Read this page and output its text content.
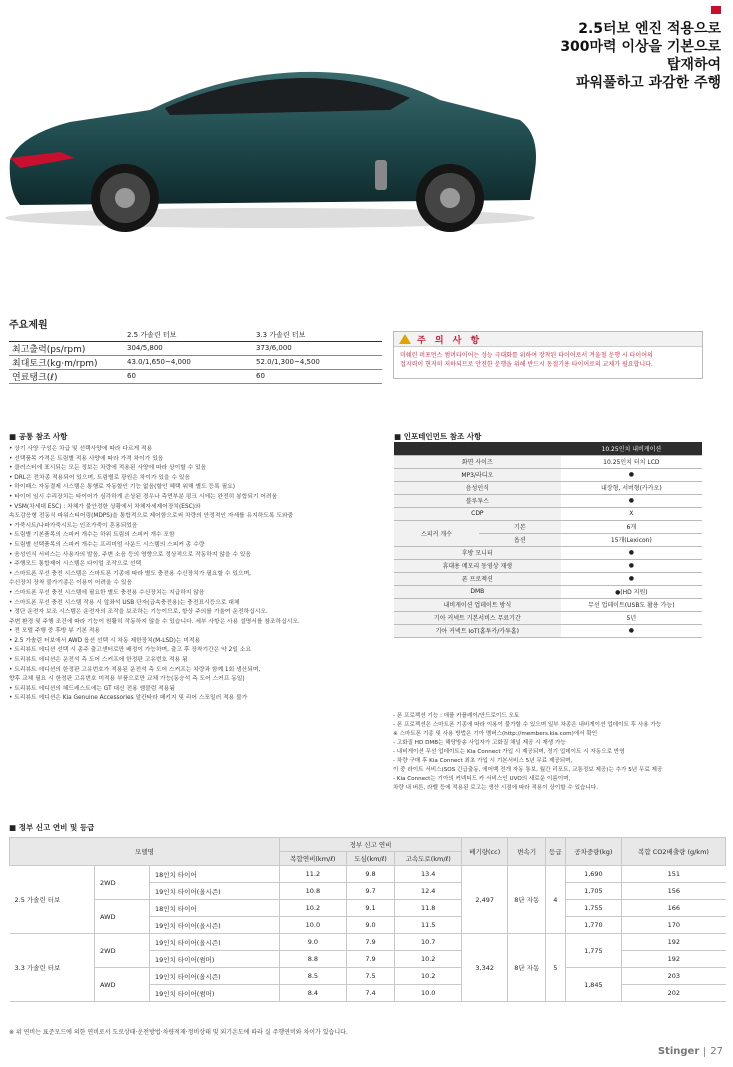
2.5터보 엔진 적용으로
300마력 이상을 기본으로
탑재하여
파워풀하고 과감한 주행
주요제원
	2.5 가솔린 터보	3.3 가솔린 터보
최고출력(ps/rpm)	304/5,800	373/6,000
최대토크(kg·m/rpm)	43.0/1,650~4,000	52.0/1,300~4,500
연료탱크(ℓ)	60	60
주 의 사 항
미쉐린 퍼포먼스 썸머타이어는 성능 극대화를 위하여 장착된 타이어로서 겨울철 운행 시 타이어의
접지력이 현저히 저하되므로 안전한 운행을 위해 반드시 동절기용 타이어로의 교체가 필요합니다.
■ 공통 참조 사항
• 상기 사양 구성은 차급 및 선택사양에 따라 다르게 적용
• 선택품목 가격은 트림별 적용 사양에 따라 가격 차이가 있음
• 클러스터에 표시되는 모든 정보는 차량에 적용된 사양에 따라 상이할 수 있음
• DRL은 전차종 적용되어 있으며, 트림별로 광원은 차이가 있을 수 있음
• 하이패스 자동결제 시스템은 통행료 자동할인 기능 없음(할인 혜택 위해 별도 등록 필요)
• 타이어 임시 수리장치는 타이어가 심각하게 손상된 경우나 측면부분 펑크 시에는 완전히 봉합되기 어려움
• VSM(차세대 ESC) : 차체가 불안정한 상황에서 차체자세제어장치(ESC)와
속도감응형 전동식 파워스티어링(MDPS)을 통합적으로 제어함으로써 차량의 안정적인 자세를 유지하도록 도와줌
• 가죽시트/나파가죽시트는 인조가죽이 혼용되었음
• 트림별 기본품목의 스피커 개수는 하위 트림의 스피커 개수 포함
• 트림별 선택품목의 스피커 개수는 프리미엄 사운드 시스템의 스피커 총 수량
• 음성인식 서비스는 사용자의 발음, 주변 소음 등의 영향으로 정상적으로 작동하지 않을 수 있음
• 주행모드 통합제어 시스템은 다이얼 조작으로 선택
• 스마트폰 무선 충전 시스템은 스마트폰 기종에 따라 별도 충전용 수신장치가 필요할 수 있으며,
수신장치 장착 불가기종은 이용이 어려울 수 있음
• 스마트폰 무선 충전 시스템에 필요한 별도 충전용 수신장치는 지급하지 않음
• 스마트폰 무선 충전 시스템 작용 시 앞좌석 USB 단자(급속충전용)는 충전표시등으로 대체
• 정단 운전자 보조 시스템은 운전자의 조작을 보조하는 기능이므로, 항상 주의를 기울여 운전하십시오.
주변 환경 및 주행 조건에 따라 기능이 원활히 작동하지 않을 수 있습니다. 세부 사항은 사용 설명서를 참조하십시오.
• 전 모델 주행 중 후방 뷰 기본 적용
• 2.5 가솔린 터보에서 AWD 옵션 선택 시 차동 제한장치(M-LSD)는 미적용
• 트리뷰트 에디션 선택 시 총주 출고센터로만 배정이 가능하며, 출고 후 장착기간은 약 2일 소요
• 트리뷰트 에디션은 운전석 측 도어 스커프에 한정판 고유번호 적용 됨
• 트리뷰트 에디션의 한정판 고유번호가 적용된 운전석 측 도어 스커프는 차량과 함께 1회 생산되며,
향후 교체 필요 시 한정판 고유번호 미적용 부품으로만 교체 가능(동승석 측 도어 스커프 동일)
• 트리뷰트 에디션의 헤드레스트에는 GT 대신 전용 엠블럼 적용됨
• 트리뷰트 에디션은 Kia Genuine Accessories 알칸타라 패키지 및 리어 스포일러 적용 불가
■ 인포테인먼트 참조 사항
		10.25인치 내비게이션
화면 사이즈		10.25인치 터치 LCD
MP3/라디오		●
음성인식		내장형, 서버형(카카오)
블루투스		●
CDP		X
스피커 개수	기본	6개
	옵션	15개(Lexicon)
후방 모니터		●
휴대용 메모리 동영상 재생		●
폰 프로젝션		●
DMB		●(HD 지원)
내비게이션 업데이트 방식		무선 업데이트(USB도 활용 가능)
기아 커넥트 기본서비스 무료기간		5년
기아 커넥트 IoT(홈투카/카투홈)		●
- 폰 프로젝션 기능 : 애플 카플레이/안드로이드 오토
- 폰 프로젝션은 스마트폰 기종에 따라 이용이 불가할 수 있으며 일부 차종은 내비게이션 업데이트 후 사용 가능
※ 스마트폰 기종 및 사용 방법은 기아 멤버스(http://members.kia.com)에서 확인
- 고화질 HD DMB는 해당방송 사업자가 고화질 채널 제공 시 재생 가능
- 내비게이션 무선 업데이트는 Kia Connect 가입 시 제공되며, 정기 업데이트 시 자동으로 반영
- 차량 구매 후 Kia Connect 최초 가입 시 기본서비스 5년 무료 제공되며,
이 중 라이트 서비스(SOS 긴급출동, 에어백 전개 자동 통보, 월간 리포트, 교통정보 제공)는 추가 5년 무료 제공
- Kia Connect는 기아의 커넥티드 카 서비스인 UVO의 새로운 이름이며,
차량 내 버튼, 라벨 등에 적용된 로고는 생산 시점에 따라 적용이 상이할 수 있습니다.
■ 정부 신고 연비 및 등급
모델명			정부 신고 연비			배기량(cc)	변속기	등급	공차중량(kg)	복합 CO2배출량 (g/km)
			복합연비(km/ℓ)	도심(km/ℓ)	고속도로(km/ℓ)					
2.5 가솔린 터보	2WD	18인치 타이어	11.2	9.8	13.4	2,497	8단 자동	4	1,690	151
		19인치 타이어(올시즌)	10.8	9.7	12.4				1,705	156
	AWD	18인치 타이어	10.2	9.1	11.8				1,755	166
		19인치 타이어(올시즌)	10.0	9.0	11.5				1,770	170
3.3 가솔린 터보	2WD	19인치 타이어(올시즌)	9.0	7.9	10.7	3,342	8단 자동	5	1,775	192
		19인치 타이어(썸머)	8.8	7.9	10.2					192
	AWD	19인치 타이어(올시즌)	8.5	7.5	10.2				1,845	203
		19인치 타이어(썸머)	8.4	7.4	10.0					202
※ 위 연비는 표준모드에 의한 연비로서 도로상태·운전방법·차량적재·정비상태 및 외기온도에 따라 실 주행연비와 차이가 있습니다.
Stinger 27
